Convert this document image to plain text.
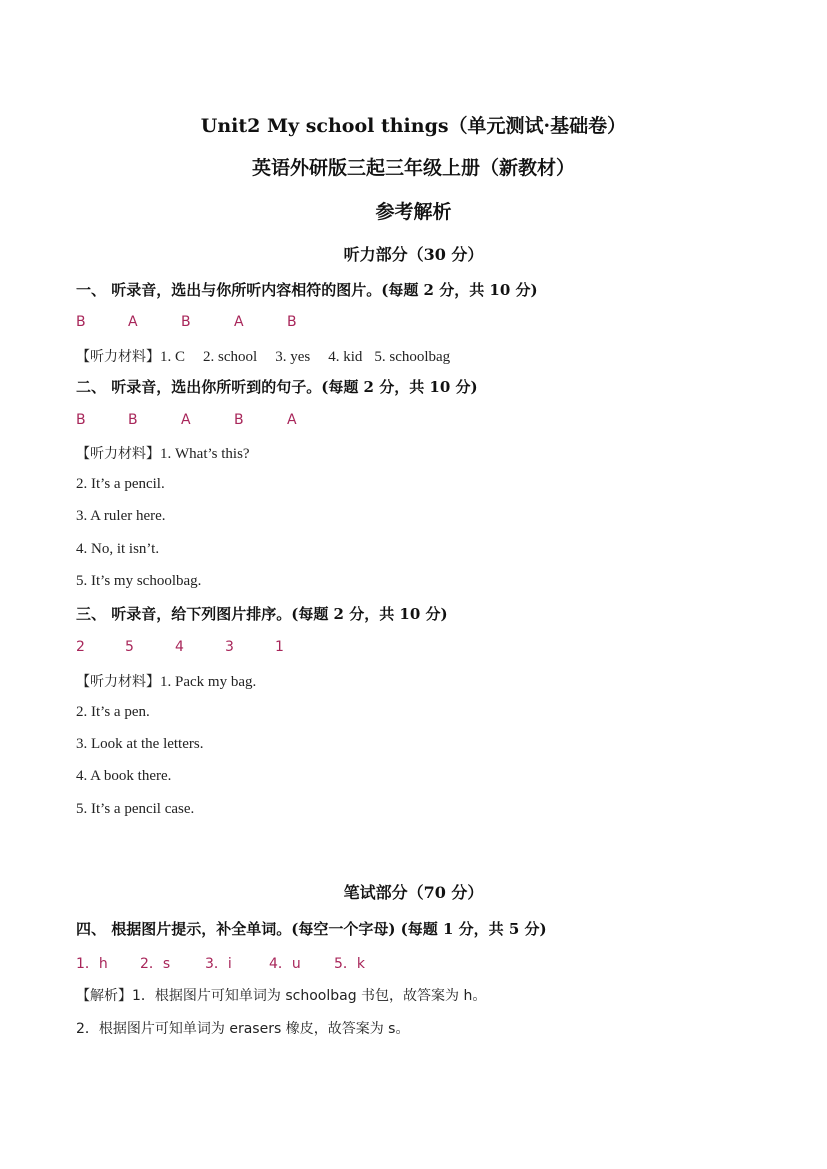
Unit2 My school things（单元测试·基础卷）
英语外研版三起三年级上册（新教材）
参考解析
听力部分（30 分）
一、 听录音，选出与你所听内容相符的图片。(每题 2 分，共 10 分)
B	A	B	A	B
【听力材料】1. C 2. school 3. yes 4. kid 5. schoolbag
二、 听录音，选出你所听到的句子。(每题 2 分，共 10 分)
B	B	A	B	A
【听力材料】1. What’s this?
2. It’s a pencil.
3. A ruler here.
4. No, it isn’t.
5. It’s my schoolbag.
三、 听录音，给下列图片排序。(每题 2 分，共 10 分)
2	5	4	3	1
【听力材料】1. Pack my bag.
2. It’s a pen.
3. Look at the letters.
4. A book there.
5. It’s a pencil case.
笔试部分（70 分）
四、 根据图片提示，补全单词。(每空一个字母) (每题 1 分，共 5 分)
1．h 2．s 3．i	4．u 5．k
【解析】1．根据图片可知单词为 schoolbag 书包，故答案为 h。
2．根据图片可知单词为 erasers 橡皮，故答案为 s。
